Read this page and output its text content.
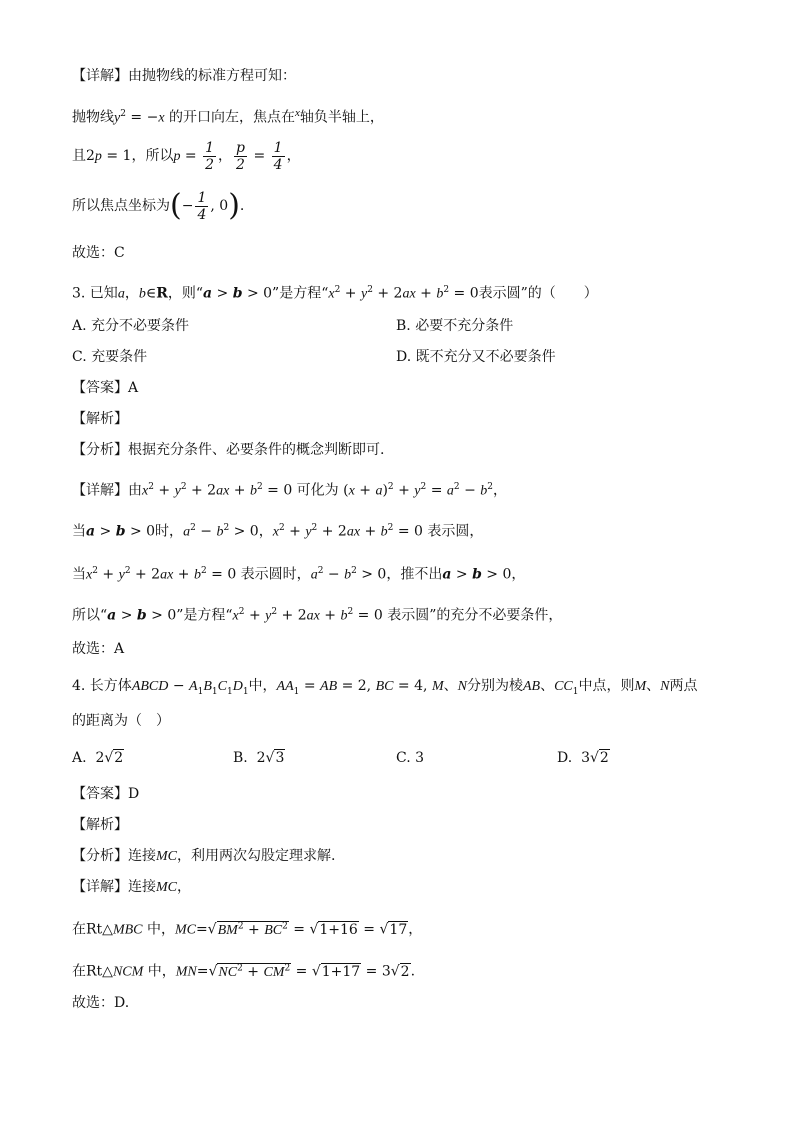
【详解】由抛物线的标准方程可知：
抛物线$y^2 = -x$ 的开口向左，焦点在$^x$轴负半轴上，
且2p = 1，所以$p = \frac{1}{2}$ ， $\frac{p}{2} = \frac{1}{4}$ ，
所以焦点坐标为(− $\frac{1}{4}$ , 0).
故选：C
3. 已知a，b∈R，则“a > b > 0”是方程“$x^2 + y^2 + 2ax + b^2 = 0$表示圆”的（　　）
A. 充分不必要条件	B. 必要不充分条件
C. 充要条件	D. 既不充分又不必要条件
【答案】A
【解析】
【分析】根据充分条件、必要条件的概念判断即可.
【详解】由$x^2 + y^2 + 2ax + b^2 = 0$ 可化为 $(x + a)^2 + y^2 = a^2 - b^2$，
当a > b > 0时，$a^2 - b^2 > 0$，$x^2 + y^2 + 2ax + b^2 = 0$ 表示圆，
当$x^2 + y^2 + 2ax + b^2 = 0$ 表示圆时，$a^2 - b^2 > 0$，推不出a > b > 0，
所以“a > b > 0”是方程“$x^2 + y^2 + 2ax + b^2 = 0$ 表示圆”的充分不必要条件，
故选：A
4. 长方体ABCD − $A_1B_1C_1D_1$中，$AA_1$ = AB = 2, BC = 4, M、N分别为棱AB、$CC_1$中点，则M、N两点
的距离为（　）
A.  2√2	B.  2√3	C. 3	D.  3√2
【答案】D
【解析】
【分析】连接MC，利用两次勾股定理求解.
【详解】连接MC，
在Rt△MBC 中，$MC=√BM^2 + BC^2 = √1+16 = √17$，
在Rt△NCM 中，$MN=√NC^2 + CM^2 = √1+17 = 3√2$.
故选：D.
